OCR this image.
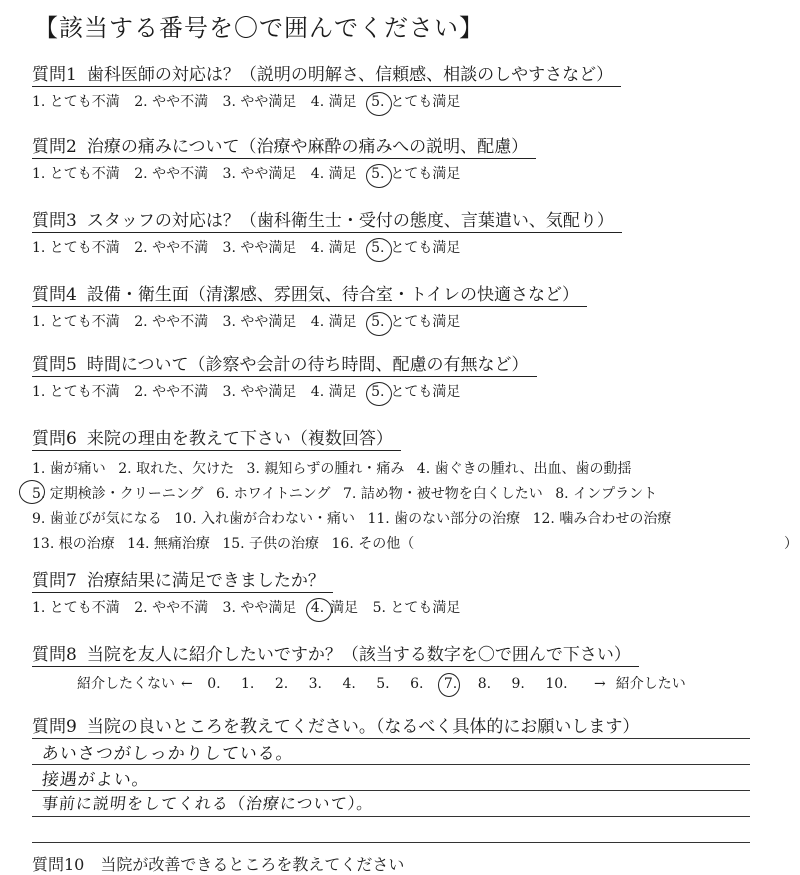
【該当する番号を〇で囲んでください】
質問1 歯科医師の対応は？（説明の明解さ、信頼感、相談のしやすさなど）
1. とても不満 2. やや不満 3. やや満足 4. 満足 5. とても満足
質問2 治療の痛みについて（治療や麻酔の痛みへの説明、配慮）
1. とても不満 2. やや不満 3. やや満足 4. 満足 5. とても満足
質問3 スタッフの対応は？（歯科衛生士・受付の態度、言葉遣い、気配り）
1. とても不満 2. やや不満 3. やや満足 4. 満足 5. とても満足
質問4 設備・衛生面（清潔感、雰囲気、待合室・トイレの快適さなど）
1. とても不満 2. やや不満 3. やや満足 4. 満足 5. とても満足
質問5 時間について（診察や会計の待ち時間、配慮の有無など）
1. とても不満 2. やや不満 3. やや満足 4. 満足 5. とても満足
質問6 来院の理由を教えて下さい（複数回答）
1. 歯が痛い 2. 取れた、欠けた 3. 親知らずの腫れ・痛み 4. 歯ぐきの腫れ、出血、歯の動揺
5. 定期検診・クリーニング 6. ホワイトニング 7. 詰め物・被せ物を白くしたい 8. インプラント
9. 歯並びが気になる 10. 入れ歯が合わない・痛い 11. 歯のない部分の治療 12. 噛み合わせの治療
13. 根の治療 14. 無痛治療 15. 子供の治療 16. その他（	）
質問7 治療結果に満足できましたか？
1. とても不満 2. やや不満 3. やや満足 4. 満足 5. とても満足
質問8 当院を友人に紹介したいですか？（該当する数字を〇で囲んで下さい）
紹介したくない ← 0. 1. 2. 3. 4. 5. 6. 7. 8. 9. 10. → 紹介したい
質問9 当院の良いところを教えてください。（なるべく具体的にお願いします）
あいさつがしっかりしている。
接遇がよい。
事前に説明をしてくれる（治療について）。
質問10　当院が改善できるところを教えてください
